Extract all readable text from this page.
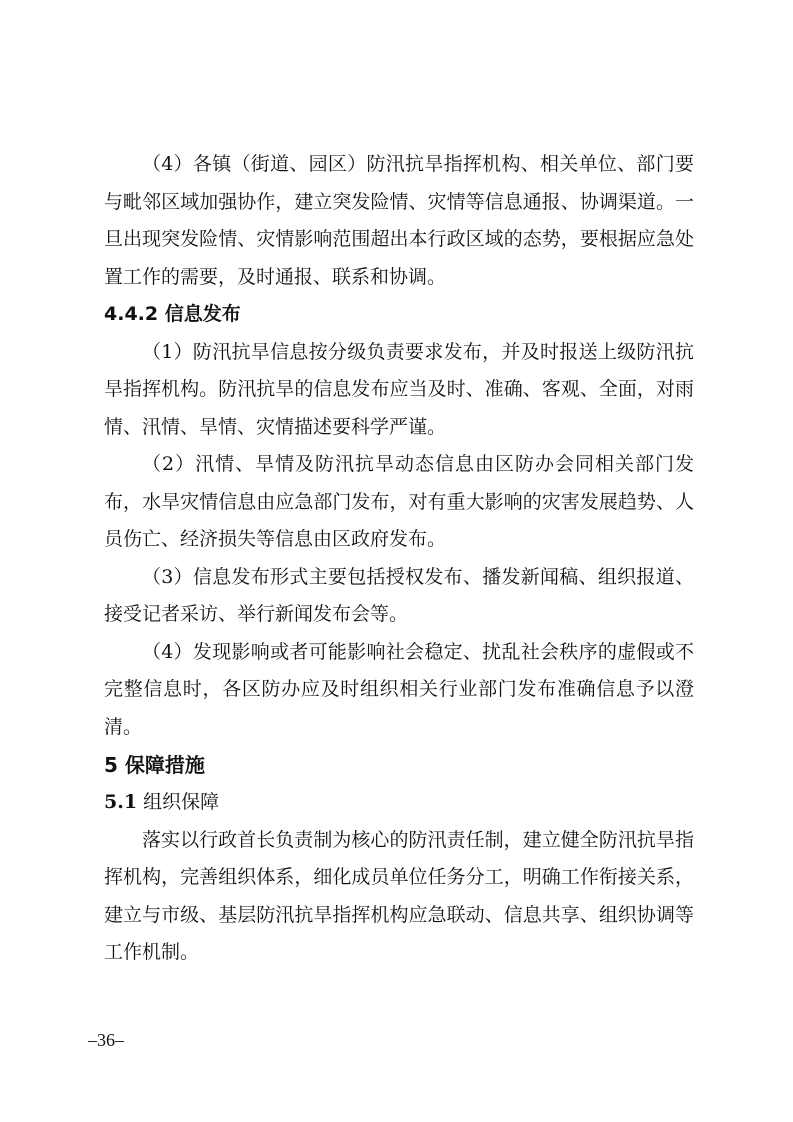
（4）各镇（街道、园区）防汛抗旱指挥机构、相关单位、部门要与毗邻区域加强协作，建立突发险情、灾情等信息通报、协调渠道。一旦出现突发险情、灾情影响范围超出本行政区域的态势，要根据应急处置工作的需要，及时通报、联系和协调。

4.4.2 信息发布

（1）防汛抗旱信息按分级负责要求发布，并及时报送上级防汛抗旱指挥机构。防汛抗旱的信息发布应当及时、准确、客观、全面，对雨情、汛情、旱情、灾情描述要科学严谨。

（2）汛情、旱情及防汛抗旱动态信息由区防办会同相关部门发布，水旱灾情信息由应急部门发布，对有重大影响的灾害发展趋势、人员伤亡、经济损失等信息由区政府发布。

（3）信息发布形式主要包括授权发布、播发新闻稿、组织报道、接受记者采访、举行新闻发布会等。

（4）发现影响或者可能影响社会稳定、扰乱社会秩序的虚假或不完整信息时，各区防办应及时组织相关行业部门发布准确信息予以澄清。

5 保障措施
5.1 组织保障

落实以行政首长负责制为核心的防汛责任制，建立健全防汛抗旱指挥机构，完善组织体系，细化成员单位任务分工，明确工作衔接关系，建立与市级、基层防汛抗旱指挥机构应急联动、信息共享、组织协调等工作机制。

–36–
